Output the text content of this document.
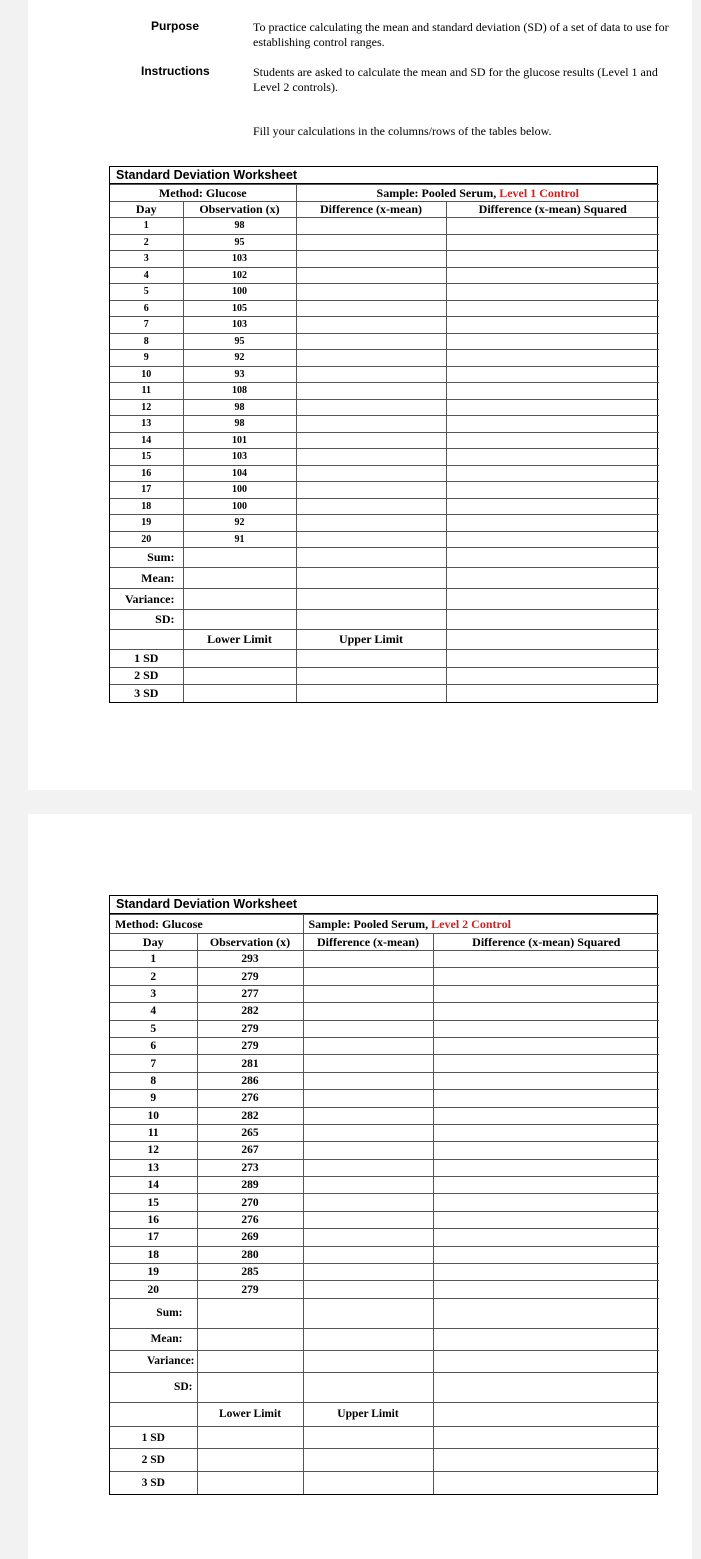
Purpose	To practice calculating the mean and standard deviation (SD) of a set of data to use for establishing control ranges.
Instructions	Students are asked to calculate the mean and SD for the glucose results (Level 1 and Level 2 controls).
Fill your calculations in the columns/rows of the tables below.
Standard Deviation Worksheet
Method: Glucose		Sample: Pooled Serum, Level 1 Control	
Day	Observation (x)	Difference (x-mean)	Difference (x-mean) Squared
1	98		
2	95		
3	103		
4	102		
5	100		
6	105		
7	103		
8	95		
9	92		
10	93		
11	108		
12	98		
13	98		
14	101		
15	103		
16	104		
17	100		
18	100		
19	92		
20	91		
Sum:			
Mean:			
Variance:			
SD:			
	Lower Limit	Upper Limit	
1 SD			
2 SD			
3 SD			
Standard Deviation Worksheet
Method: Glucose		Sample: Pooled Serum, Level 2 Control	
Day	Observation (x)	Difference (x-mean)	Difference (x-mean) Squared
1	293		
2	279		
3	277		
4	282		
5	279		
6	279		
7	281		
8	286		
9	276		
10	282		
11	265		
12	267		
13	273		
14	289		
15	270		
16	276		
17	269		
18	280		
19	285		
20	279		
Sum:			
Mean:			
Variance:			
SD:			
	Lower Limit	Upper Limit	
1 SD			
2 SD			
3 SD			
